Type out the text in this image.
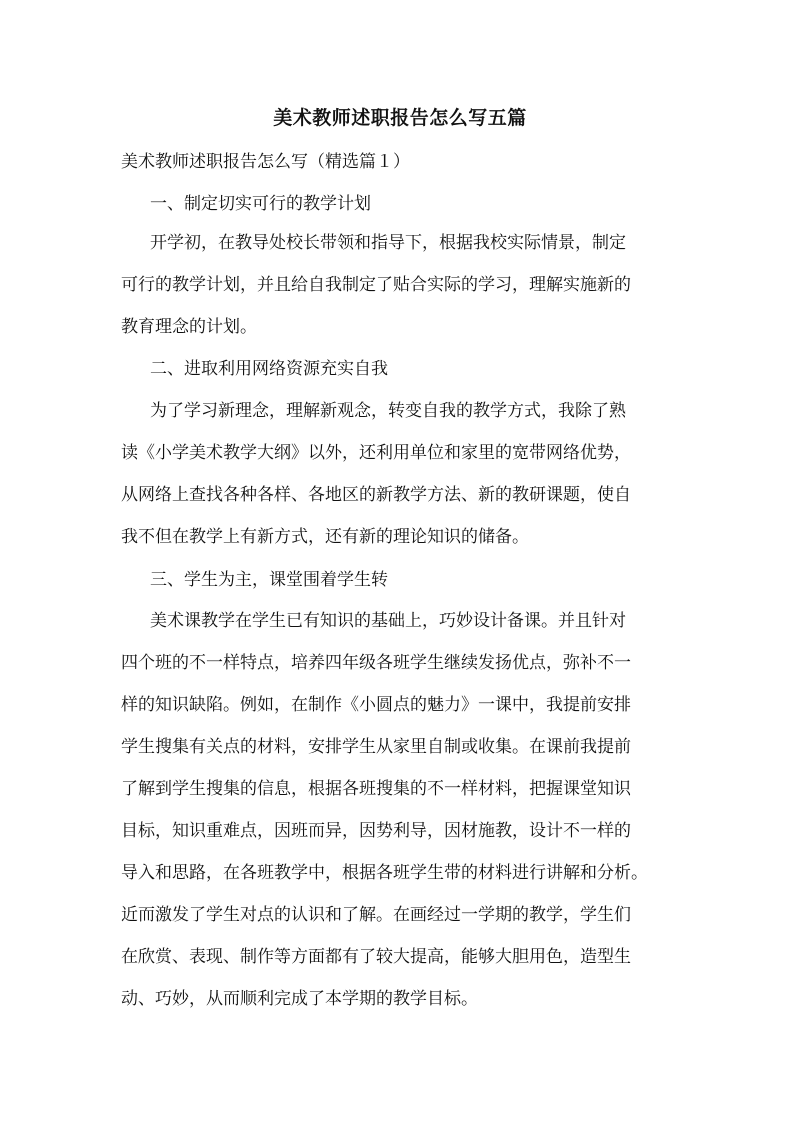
美术教师述职报告怎么写五篇
美术教师述职报告怎么写（精选篇１）
一、制定切实可行的教学计划
开学初，在教导处校长带领和指导下，根据我校实际情景，制定
可行的教学计划，并且给自我制定了贴合实际的学习，理解实施新的
教育理念的计划。
二、进取利用网络资源充实自我
为了学习新理念，理解新观念，转变自我的教学方式，我除了熟
读《小学美术教学大纲》以外，还利用单位和家里的宽带网络优势，
从网络上查找各种各样、各地区的新教学方法、新的教研课题，使自
我不但在教学上有新方式，还有新的理论知识的储备。
三、学生为主，课堂围着学生转
美术课教学在学生已有知识的基础上，巧妙设计备课。并且针对
四个班的不一样特点，培养四年级各班学生继续发扬优点，弥补不一
样的知识缺陷。例如，在制作《小圆点的魅力》一课中，我提前安排
学生搜集有关点的材料，安排学生从家里自制或收集。在课前我提前
了解到学生搜集的信息，根据各班搜集的不一样材料，把握课堂知识
目标，知识重难点，因班而异，因势利导，因材施教，设计不一样的
导入和思路，在各班教学中，根据各班学生带的材料进行讲解和分析。
近而激发了学生对点的认识和了解。在画经过一学期的教学，学生们
在欣赏、表现、制作等方面都有了较大提高，能够大胆用色，造型生
动、巧妙，从而顺利完成了本学期的教学目标。
